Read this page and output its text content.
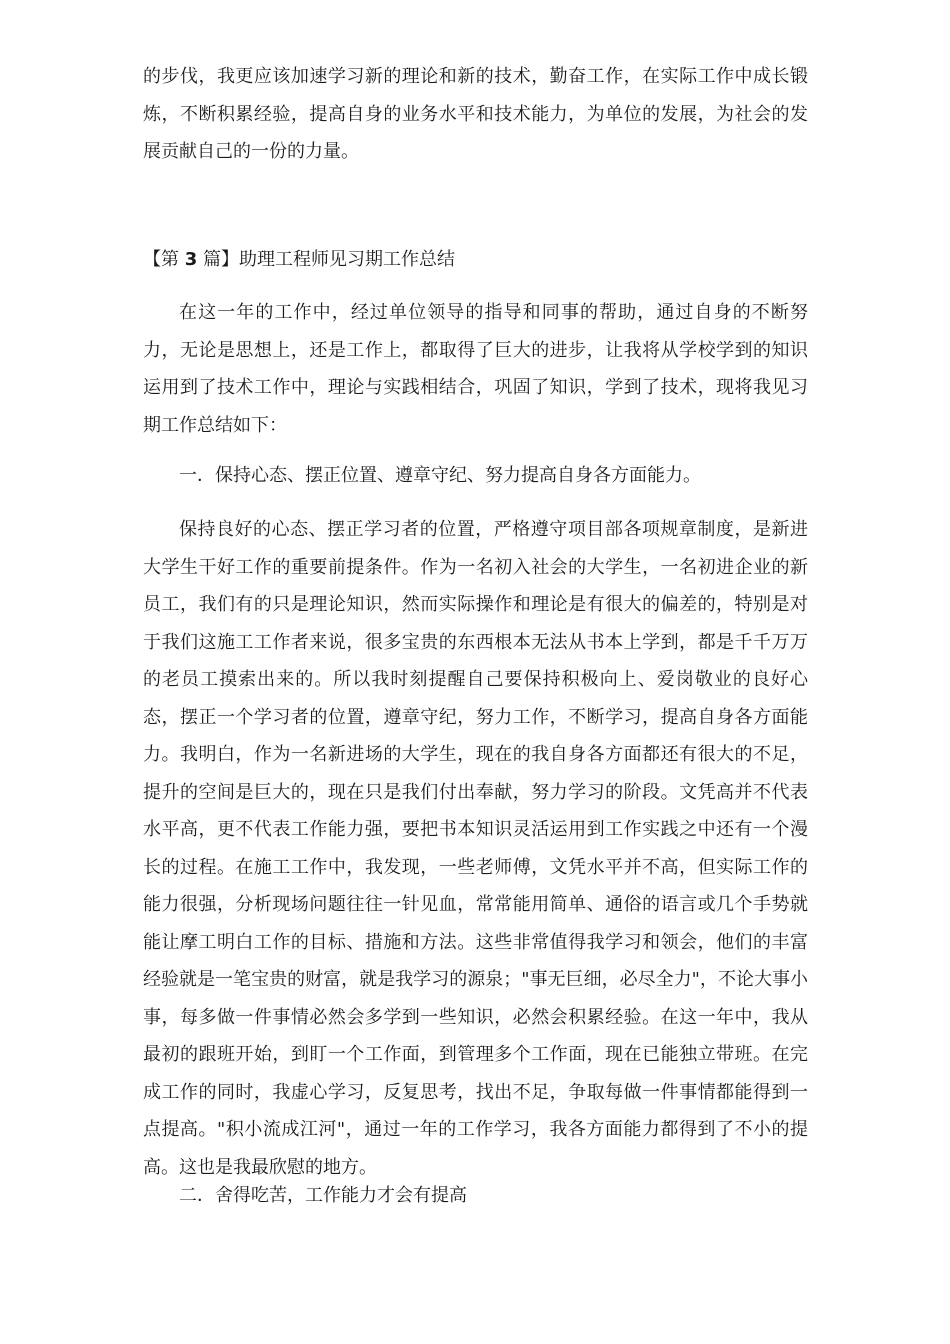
的步伐，我更应该加速学习新的理论和新的技术，勤奋工作，在实际工作中成长锻炼，不断积累经验，提高自身的业务水平和技术能力，为单位的发展，为社会的发展贡献自己的一份的力量。

【第 3 篇】助理工程师见习期工作总结

在这一年的工作中，经过单位领导的指导和同事的帮助，通过自身的不断努力，无论是思想上，还是工作上，都取得了巨大的进步，让我将从学校学到的知识运用到了技术工作中，理论与实践相结合，巩固了知识，学到了技术，现将我见习期工作总结如下：

一．保持心态、摆正位置、遵章守纪、努力提高自身各方面能力。

保持良好的心态、摆正学习者的位置，严格遵守项目部各项规章制度，是新进大学生干好工作的重要前提条件。作为一名初入社会的大学生，一名初进企业的新员工，我们有的只是理论知识，然而实际操作和理论是有很大的偏差的，特别是对于我们这施工工作者来说，很多宝贵的东西根本无法从书本上学到，都是千千万万的老员工摸索出来的。所以我时刻提醒自己要保持积极向上、爱岗敬业的良好心态，摆正一个学习者的位置，遵章守纪，努力工作，不断学习，提高自身各方面能力。我明白，作为一名新进场的大学生，现在的我自身各方面都还有很大的不足，提升的空间是巨大的，现在只是我们付出奉献，努力学习的阶段。文凭高并不代表水平高，更不代表工作能力强，要把书本知识灵活运用到工作实践之中还有一个漫长的过程。在施工工作中，我发现，一些老师傅，文凭水平并不高，但实际工作的能力很强，分析现场问题往往一针见血，常常能用简单、通俗的语言或几个手势就能让摩工明白工作的目标、措施和方法。这些非常值得我学习和领会，他们的丰富经验就是一笔宝贵的财富，就是我学习的源泉；"事无巨细，必尽全力"，不论大事小事，每多做一件事情必然会多学到一些知识，必然会积累经验。在这一年中，我从最初的跟班开始，到盯一个工作面，到管理多个工作面，现在已能独立带班。在完成工作的同时，我虚心学习，反复思考，找出不足，争取每做一件事情都能得到一点提高。"积小流成江河"，通过一年的工作学习，我各方面能力都得到了不小的提高。这也是我最欣慰的地方。

二．舍得吃苦，工作能力才会有提高
